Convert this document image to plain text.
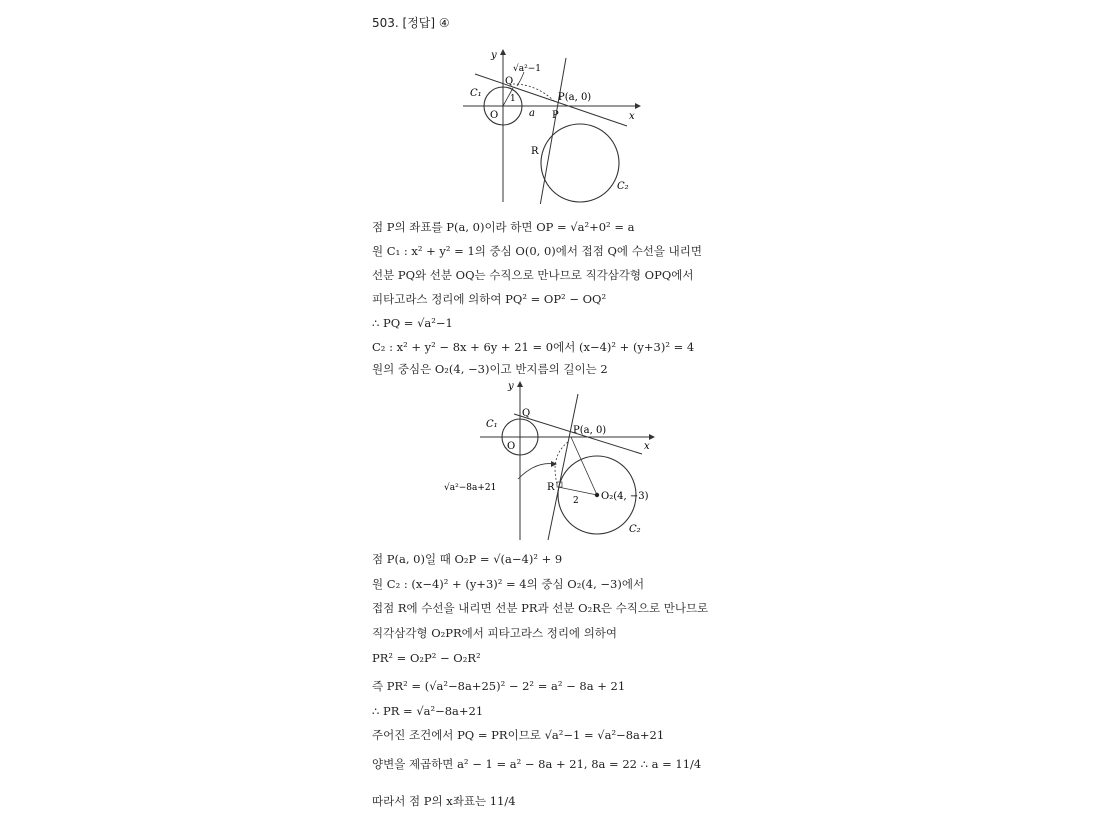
503. [정답] ④
y
x
√a²−1
C₁
Q
1
O	a
P(a, 0)
P
R
C₂
점 P의 좌표를 P(a, 0)이라 하면 OP = √a²+0² = a
원 C₁ : x² + y² = 1의 중심 O(0, 0)에서 접점 Q에 수선을 내리면
선분 PQ와 선분 OQ는 수직으로 만나므로 직각삼각형 OPQ에서
피타고라스 정리에 의하여 PQ² = OP² − OQ²
∴ PQ = √a²−1
C₂ : x² + y² − 8x + 6y + 21 = 0에서 (x−4)² + (y+3)² = 4
원의 중심은 O₂(4, −3)이고 반지름의 길이는 2
y
x
C₁
Q
O
P(a, 0)
√a²−8a+21	R
2 O₂(4, −3)
C₂
점 P(a, 0)일 때 O₂P = √(a−4)² + 9
원 C₂ : (x−4)² + (y+3)² = 4의 중심 O₂(4, −3)에서
접점 R에 수선을 내리면 선분 PR과 선분 O₂R은 수직으로 만나므로
직각삼각형 O₂PR에서 피타고라스 정리에 의하여
PR² = O₂P² − O₂R²
즉 PR² = (√a²−8a+25)² − 2² = a² − 8a + 21
∴ PR = √a²−8a+21
주어진 조건에서 PQ = PR이므로 √a²−1 = √a²−8a+21
양변을 제곱하면 a² − 1 = a² − 8a + 21, 8a = 22 ∴ a = 11/4
따라서 점 P의 x좌표는 11/4
